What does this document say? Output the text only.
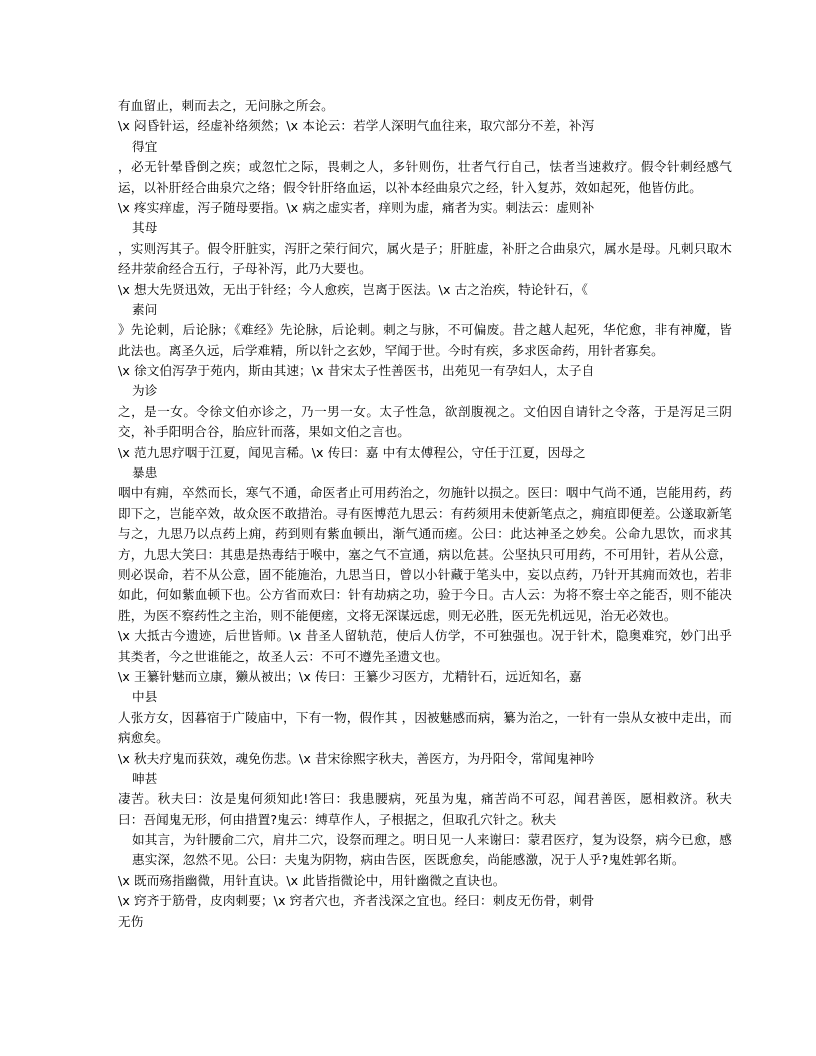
有血留止，刺而去之，无问脉之所会。

\x 闷昏针运，经虚补络须然；\x 本论云：若学人深明气血往来，取穴部分不差，补泻

得宜

，必无针晕昏倒之疾；或忽忙之际，畏刺之人，多针则伤，壮者气行自己，怯者当速救疗。假令针刺经感气运，以补肝经合曲泉穴之络；假令针肝络血运，以补本经曲泉穴之经，针入复苏，效如起死，他皆仿此。

\x 疼实痒虚，泻子随母要指。\x 病之虚实者，痒则为虚，痛者为实。刺法云：虚则补

其母

，实则泻其子。假令肝脏实，泻肝之荣行间穴，属火是子；肝脏虚，补肝之合曲泉穴，属水是母。凡刺只取木经井荥俞经合五行，子母补泻，此乃大要也。

\x 想大先贤迅效，无出于针经；今人愈疾，岂离于医法。\x 古之治疾，特论针石，《

素问

》先论刺，后论脉；《难经》先论脉，后论刺。刺之与脉，不可偏废。昔之越人起死，华佗愈，非有神魔，皆此法也。离圣久远，后学难精，所以针之玄妙，罕闻于世。今时有疾，多求医命药，用针者寡矣。

\x 徐文伯泻孕于苑内，斯由其速；\x 昔宋太子性善医书，出苑见一有孕妇人，太子自

为诊

之，是一女。令徐文伯亦诊之，乃一男一女。太子性急，欲剖腹视之。文伯因自请针之令落，于是泻足三阴交，补手阳明合谷，胎应针而落，果如文伯之言也。

\x 范九思疗咽于江夏，闻见言稀。\x 传曰：嘉 中有太傅程公，守任于江夏，因母之

暴患

咽中有痈，卒然而长，寒气不通，命医者止可用药治之，勿施针以损之。医曰：咽中气尚不通，岂能用药，药即下之，岂能卒效，故众医不敢措治。寻有医博范九思云：有药须用未使新笔点之，痈疽即便差。公遂取新笔与之，九思乃以点药上痈，药到则有紫血顿出，渐气通而瘥。公曰：此达神圣之妙矣。公命九思饮，而求其方，九思大笑曰：其患是热毒结于喉中，塞之气不宣通，病以危甚。公坚执只可用药，不可用针，若从公意，则必误命，若不从公意，固不能施治，九思当日，曾以小针藏于笔头中，妄以点药，乃针开其痈而效也，若非如此，何如紫血顿下也。公方省而欢曰：针有劫病之功，验于今日。古人云：为将不察士卒之能否，则不能决胜，为医不察药性之主治，则不能便瘥，文将无深谋远虑，则无必胜，医无先机远见，治无必效也。

\x 大抵古今遗迹，后世皆师。\x 昔圣人留轨范，使后人仿学，不可独强也。况于针术，隐奥难究，妙门出乎其类者，今之世谁能之，故圣人云：不可不遵先圣遗文也。

\x 王纂针魅而立康，獭从被出；\x 传曰：王纂少习医方，尤精针石，远近知名，嘉

中县

人张方女，因暮宿于广陵庙中，下有一物，假作其 ，因被魅感而病，纂为治之，一针有一祟从女被中走出，而病愈矣。

\x 秋夫疗鬼而获效，魂免伤悲。\x 昔宋徐熙字秋夫，善医方，为丹阳令，常闻鬼神吟

呻甚

凄苦。秋夫曰：汝是鬼何须知此!答曰：我患腰病，死虽为鬼，痛苦尚不可忍，闻君善医，愿相救济。秋夫曰：吾闻鬼无形，何由措置?鬼云：缚草作人，子根据之，但取孔穴针之。秋夫

如其言，为针腰俞二穴，肩井二穴，设祭而理之。明日见一人来谢曰：蒙君医疗，复为设祭，病今已愈，感惠实深，忽然不见。公曰：夫鬼为阴物，病由告医，医既愈矣，尚能感激，况于人乎?鬼姓郭名斯。

\x 既而殇指幽微，用针直诀。\x 此皆指微论中，用针幽微之直诀也。

\x 窍齐于筋骨，皮肉刺要；\x 窍者穴也，齐者浅深之宜也。经曰：刺皮无伤骨，刺骨

无伤
